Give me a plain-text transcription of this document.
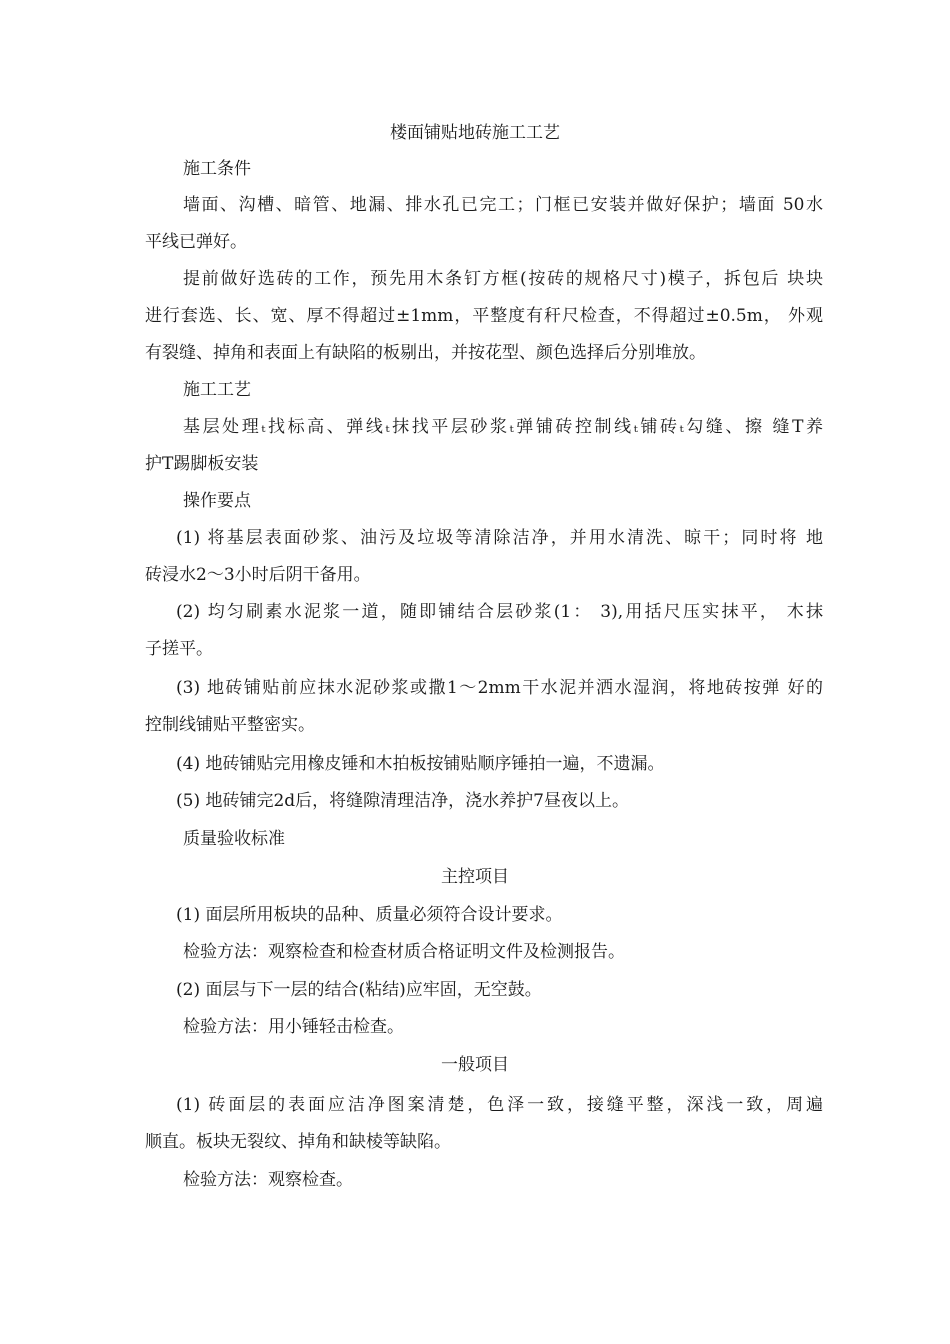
楼面铺贴地砖施工工艺
施工条件
墙面、沟槽、暗管、地漏、排水孔已完工；门框已安装并做好保护；墙面 50水
平线已弹好。
提前做好选砖的工作，预先用木条钉方框(按砖的规格尺寸)模子，拆包后 块块
进行套选、长、宽、厚不得超过±1mm，平整度有秆尺检查，不得超过±0.5m， 外观
有裂缝、掉角和表面上有缺陷的板剔出，并按花型、颜色选择后分别堆放。
施工工艺
基层处理ₜ找标高、弹线ₜ抹找平层砂浆ₜ弹铺砖控制线ₜ铺砖ₜ勾缝、擦 缝T养
护T踢脚板安装
操作要点
(1) 将基层表面砂浆、油污及垃圾等清除洁净，并用水清洗、晾干；同时将 地
砖浸水2〜3小时后阴干备用。
(2) 均匀刷素水泥浆一道，随即铺结合层砂浆(1： 3),用括尺压实抹平， 木抹
子搓平。
(3) 地砖铺贴前应抹水泥砂浆或撒1〜2mm干水泥并洒水湿润，将地砖按弹 好的
控制线铺贴平整密实。
(4) 地砖铺贴完用橡皮锤和木拍板按铺贴顺序锤拍一遍，不遗漏。
(5) 地砖铺完2d后，将缝隙清理洁净，浇水养护7昼夜以上。
质量验收标准
主控项目
(1) 面层所用板块的品种、质量必须符合设计要求。
检验方法：观察检查和检查材质合格证明文件及检测报告。
(2) 面层与下一层的结合(粘结)应牢固，无空鼓。
检验方法：用小锤轻击检查。
一般项目
(1) 砖面层的表面应洁净图案清楚，色泽一致，接缝平整，深浅一致，周遍
顺直。板块无裂纹、掉角和缺棱等缺陷。
检验方法：观察检查。
